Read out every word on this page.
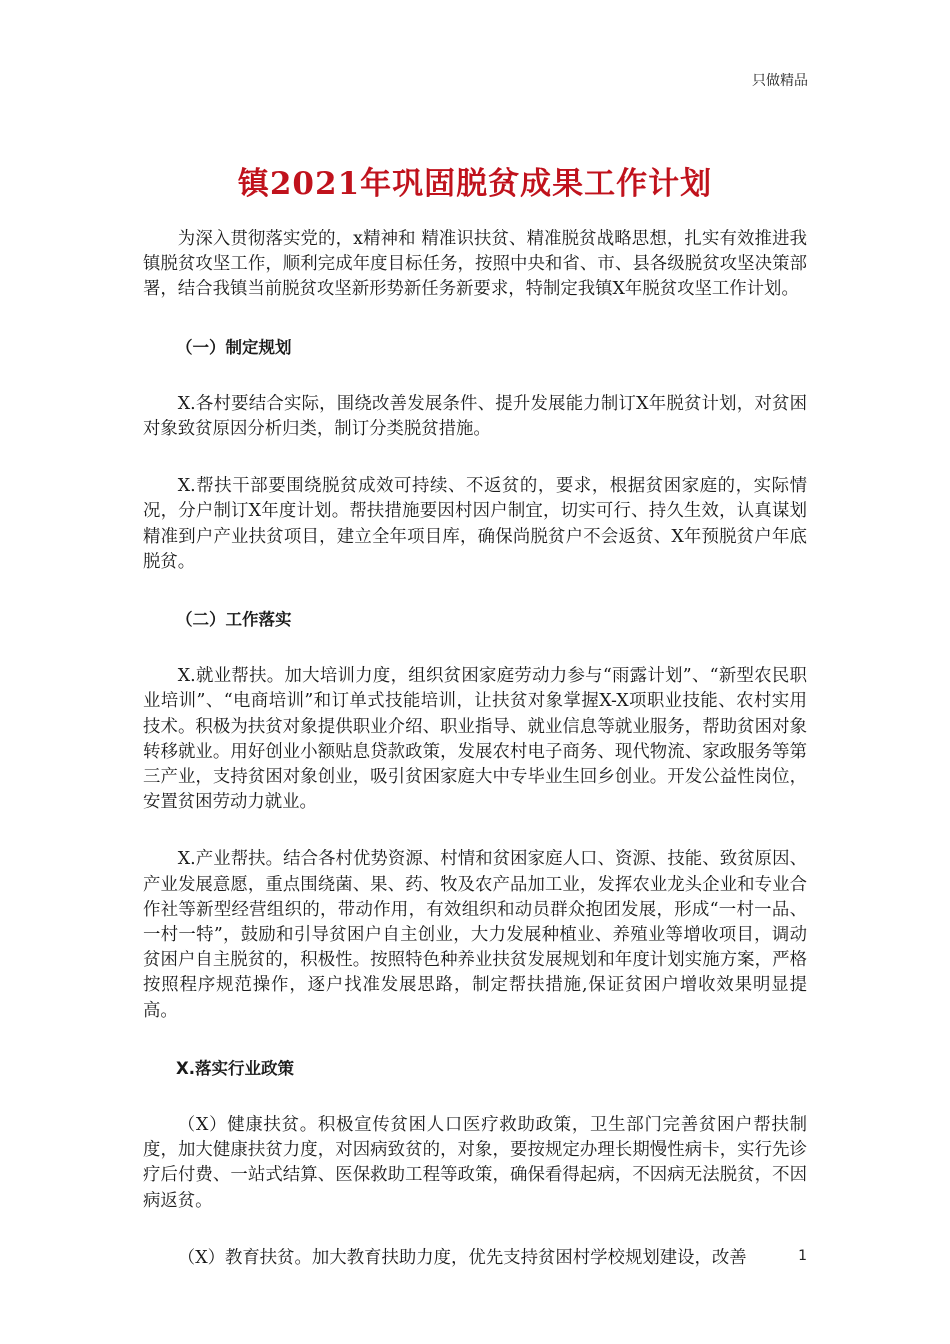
只做精品
镇2021年巩固脱贫成果工作计划

为深入贯彻落实党的，x精神和 精准识扶贫、精准脱贫战略思想，扎实有效推进我镇脱贫攻坚工作，顺利完成年度目标任务，按照中央和省、市、县各级脱贫攻坚决策部署，结合我镇当前脱贫攻坚新形势新任务新要求，特制定我镇X年脱贫攻坚工作计划。

（一）制定规划

X.各村要结合实际，围绕改善发展条件、提升发展能力制订X年脱贫计划，对贫困对象致贫原因分析归类，制订分类脱贫措施。

X.帮扶干部要围绕脱贫成效可持续、不返贫的，要求，根据贫困家庭的，实际情况，分户制订X年度计划。帮扶措施要因村因户制宜，切实可行、持久生效，认真谋划精准到户产业扶贫项目，建立全年项目库，确保尚脱贫户不会返贫、X年预脱贫户年底脱贫。

（二）工作落实

X.就业帮扶。加大培训力度，组织贫困家庭劳动力参与“雨露计划”、“新型农民职业培训”、“电商培训”和订单式技能培训，让扶贫对象掌握X-X项职业技能、农村实用技术。积极为扶贫对象提供职业介绍、职业指导、就业信息等就业服务，帮助贫困对象转移就业。用好创业小额贴息贷款政策，发展农村电子商务、现代物流、家政服务等第三产业，支持贫困对象创业，吸引贫困家庭大中专毕业生回乡创业。开发公益性岗位，安置贫困劳动力就业。

X.产业帮扶。结合各村优势资源、村情和贫困家庭人口、资源、技能、致贫原因、产业发展意愿，重点围绕菌、果、药、牧及农产品加工业，发挥农业龙头企业和专业合作社等新型经营组织的，带动作用，有效组织和动员群众抱团发展，形成“一村一品、一村一特”，鼓励和引导贫困户自主创业，大力发展种植业、养殖业等增收项目，调动贫困户自主脱贫的，积极性。按照特色种养业扶贫发展规划和年度计划实施方案，严格按照程序规范操作，逐户找准发展思路，制定帮扶措施,保证贫困户增收效果明显提高。

X.落实行业政策

（X）健康扶贫。积极宣传贫困人口医疗救助政策，卫生部门完善贫困户帮扶制度，加大健康扶贫力度，对因病致贫的，对象，要按规定办理长期慢性病卡，实行先诊疗后付费、一站式结算、医保救助工程等政策，确保看得起病，不因病无法脱贫，不因病返贫。

（X）教育扶贫。加大教育扶助力度，优先支持贫困村学校规划建设，改善	1
